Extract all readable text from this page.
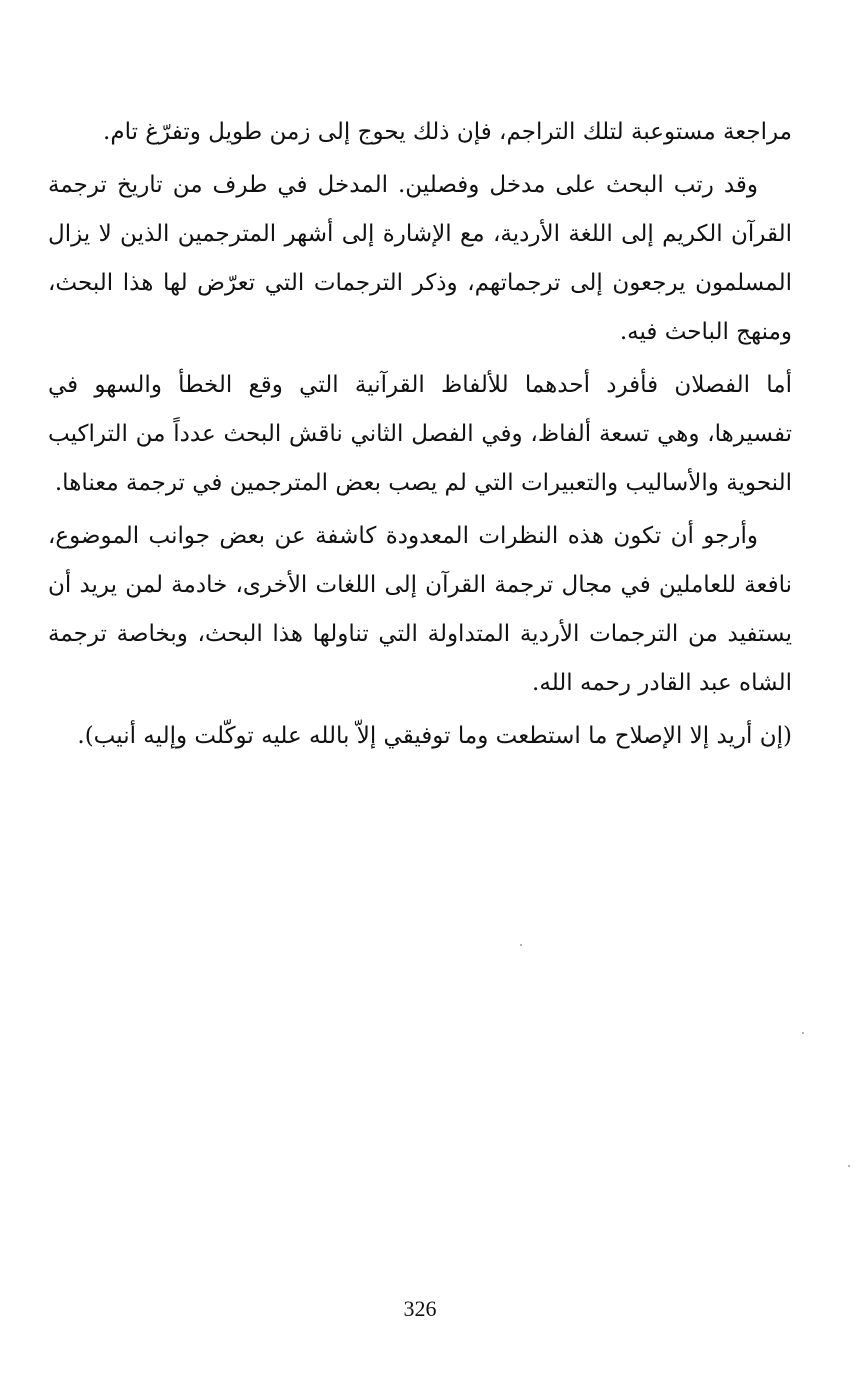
مراجعة مستوعبة لتلك التراجم، فإن ذلك يحوج إلى زمن طويل وتفرّغ تام.

وقد رتب البحث على مدخل وفصلين. المدخل في طرف من تاريخ ترجمة القرآن الكريم إلى اللغة الأردية، مع الإشارة إلى أشهر المترجمين الذين لا يزال المسلمون يرجعون إلى ترجماتهم، وذكر الترجمات التي تعرّض لها هذا البحث، ومنهج الباحث فيه.

أما الفصلان فأفرد أحدهما للألفاظ القرآنية التي وقع الخطأ والسهو في تفسيرها، وهي تسعة ألفاظ، وفي الفصل الثاني ناقش البحث عدداً من التراكيب النحوية والأساليب والتعبيرات التي لم يصب بعض المترجمين في ترجمة معناها.

وأرجو أن تكون هذه النظرات المعدودة كاشفة عن بعض جوانب الموضوع، نافعة للعاملين في مجال ترجمة القرآن إلى اللغات الأخرى، خادمة لمن يريد أن يستفيد من الترجمات الأردية المتداولة التي تناولها هذا البحث، وبخاصة ترجمة الشاه عبد القادر رحمه الله.

(إن أريد إلا الإصلاح ما استطعت وما توفيقي إلاّ بالله عليه توكّلت وإليه أنيب).

326
